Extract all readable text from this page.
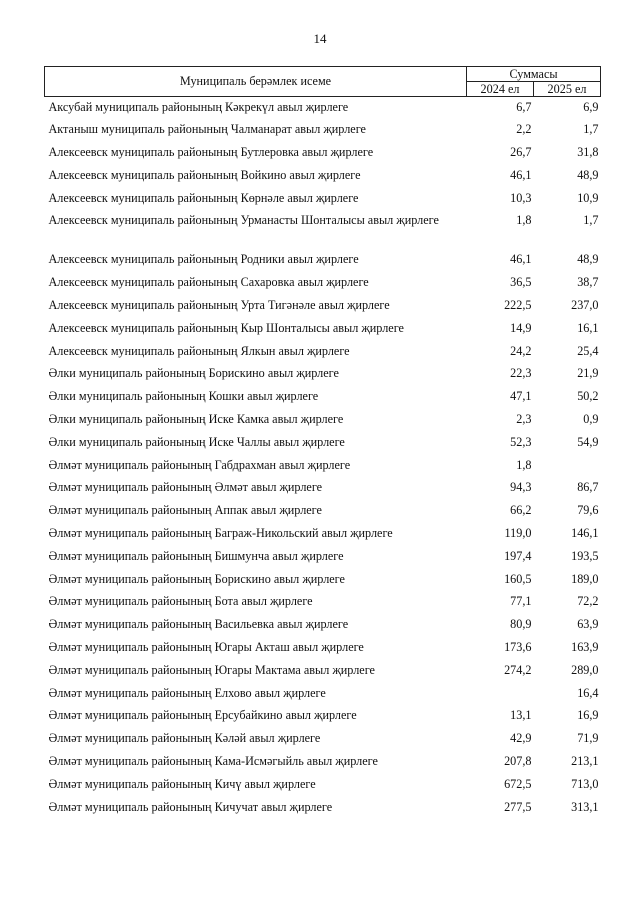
14
Муниципаль берәмлек исеме	Суммасы	
	2024 ел	2025 ел
Аксубай муниципаль районының Кәкрекүл авыл җирлеге	6,7	6,9
Актаныш муниципаль районының Чалманарат авыл җирлеге	2,2	1,7
Алексеевск муниципаль районының Бутлеровка авыл җирлеге	26,7	31,8
Алексеевск муниципаль районының Войкино авыл җирлеге	46,1	48,9
Алексеевск муниципаль районының Көрнәле авыл җирлеге	10,3	10,9
Алексеевск муниципаль районының Урманасты Шонталысы авыл җирлеге	1,8	1,7
Алексеевск муниципаль районының Родники авыл җирлеге	46,1	48,9
Алексеевск муниципаль районының Сахаровка авыл җирлеге	36,5	38,7
Алексеевск муниципаль районының Урта Тигәнәле авыл җирлеге	222,5	237,0
Алексеевск муниципаль районының Кыр Шонталысы авыл җирлеге	14,9	16,1
Алексеевск муниципаль районының Ялкын авыл җирлеге	24,2	25,4
Әлки муниципаль районының Борискино авыл җирлеге	22,3	21,9
Әлки муниципаль районының Кошки авыл җирлеге	47,1	50,2
Әлки муниципаль районының Иске Камка авыл җирлеге	2,3	0,9
Әлки муниципаль районының Иске Чаллы авыл җирлеге	52,3	54,9
Әлмәт муниципаль районының Габдрахман авыл җирлеге	1,8	
Әлмәт муниципаль районының Әлмәт авыл җирлеге	94,3	86,7
Әлмәт муниципаль районының Аппак авыл җирлеге	66,2	79,6
Әлмәт муниципаль районының Баграж-Никольский авыл җирлеге	119,0	146,1
Әлмәт муниципаль районының Бишмунча авыл җирлеге	197,4	193,5
Әлмәт муниципаль районының Борискино авыл җирлеге	160,5	189,0
Әлмәт муниципаль районының Бота авыл җирлеге	77,1	72,2
Әлмәт муниципаль районының Васильевка авыл җирлеге	80,9	63,9
Әлмәт муниципаль районының Югары Акташ авыл җирлеге	173,6	163,9
Әлмәт муниципаль районының Югары Мактама авыл җирлеге	274,2	289,0
Әлмәт муниципаль районының Елхово авыл җирлеге		16,4
Әлмәт муниципаль районының Ерсубайкино авыл җирлеге	13,1	16,9
Әлмәт муниципаль районының Кәләй авыл җирлеге	42,9	71,9
Әлмәт муниципаль районының Кама-Исмәгыйль авыл җирлеге	207,8	213,1
Әлмәт муниципаль районының Кичү авыл җирлеге	672,5	713,0
Әлмәт муниципаль районының Кичучат авыл җирлеге	277,5	313,1
